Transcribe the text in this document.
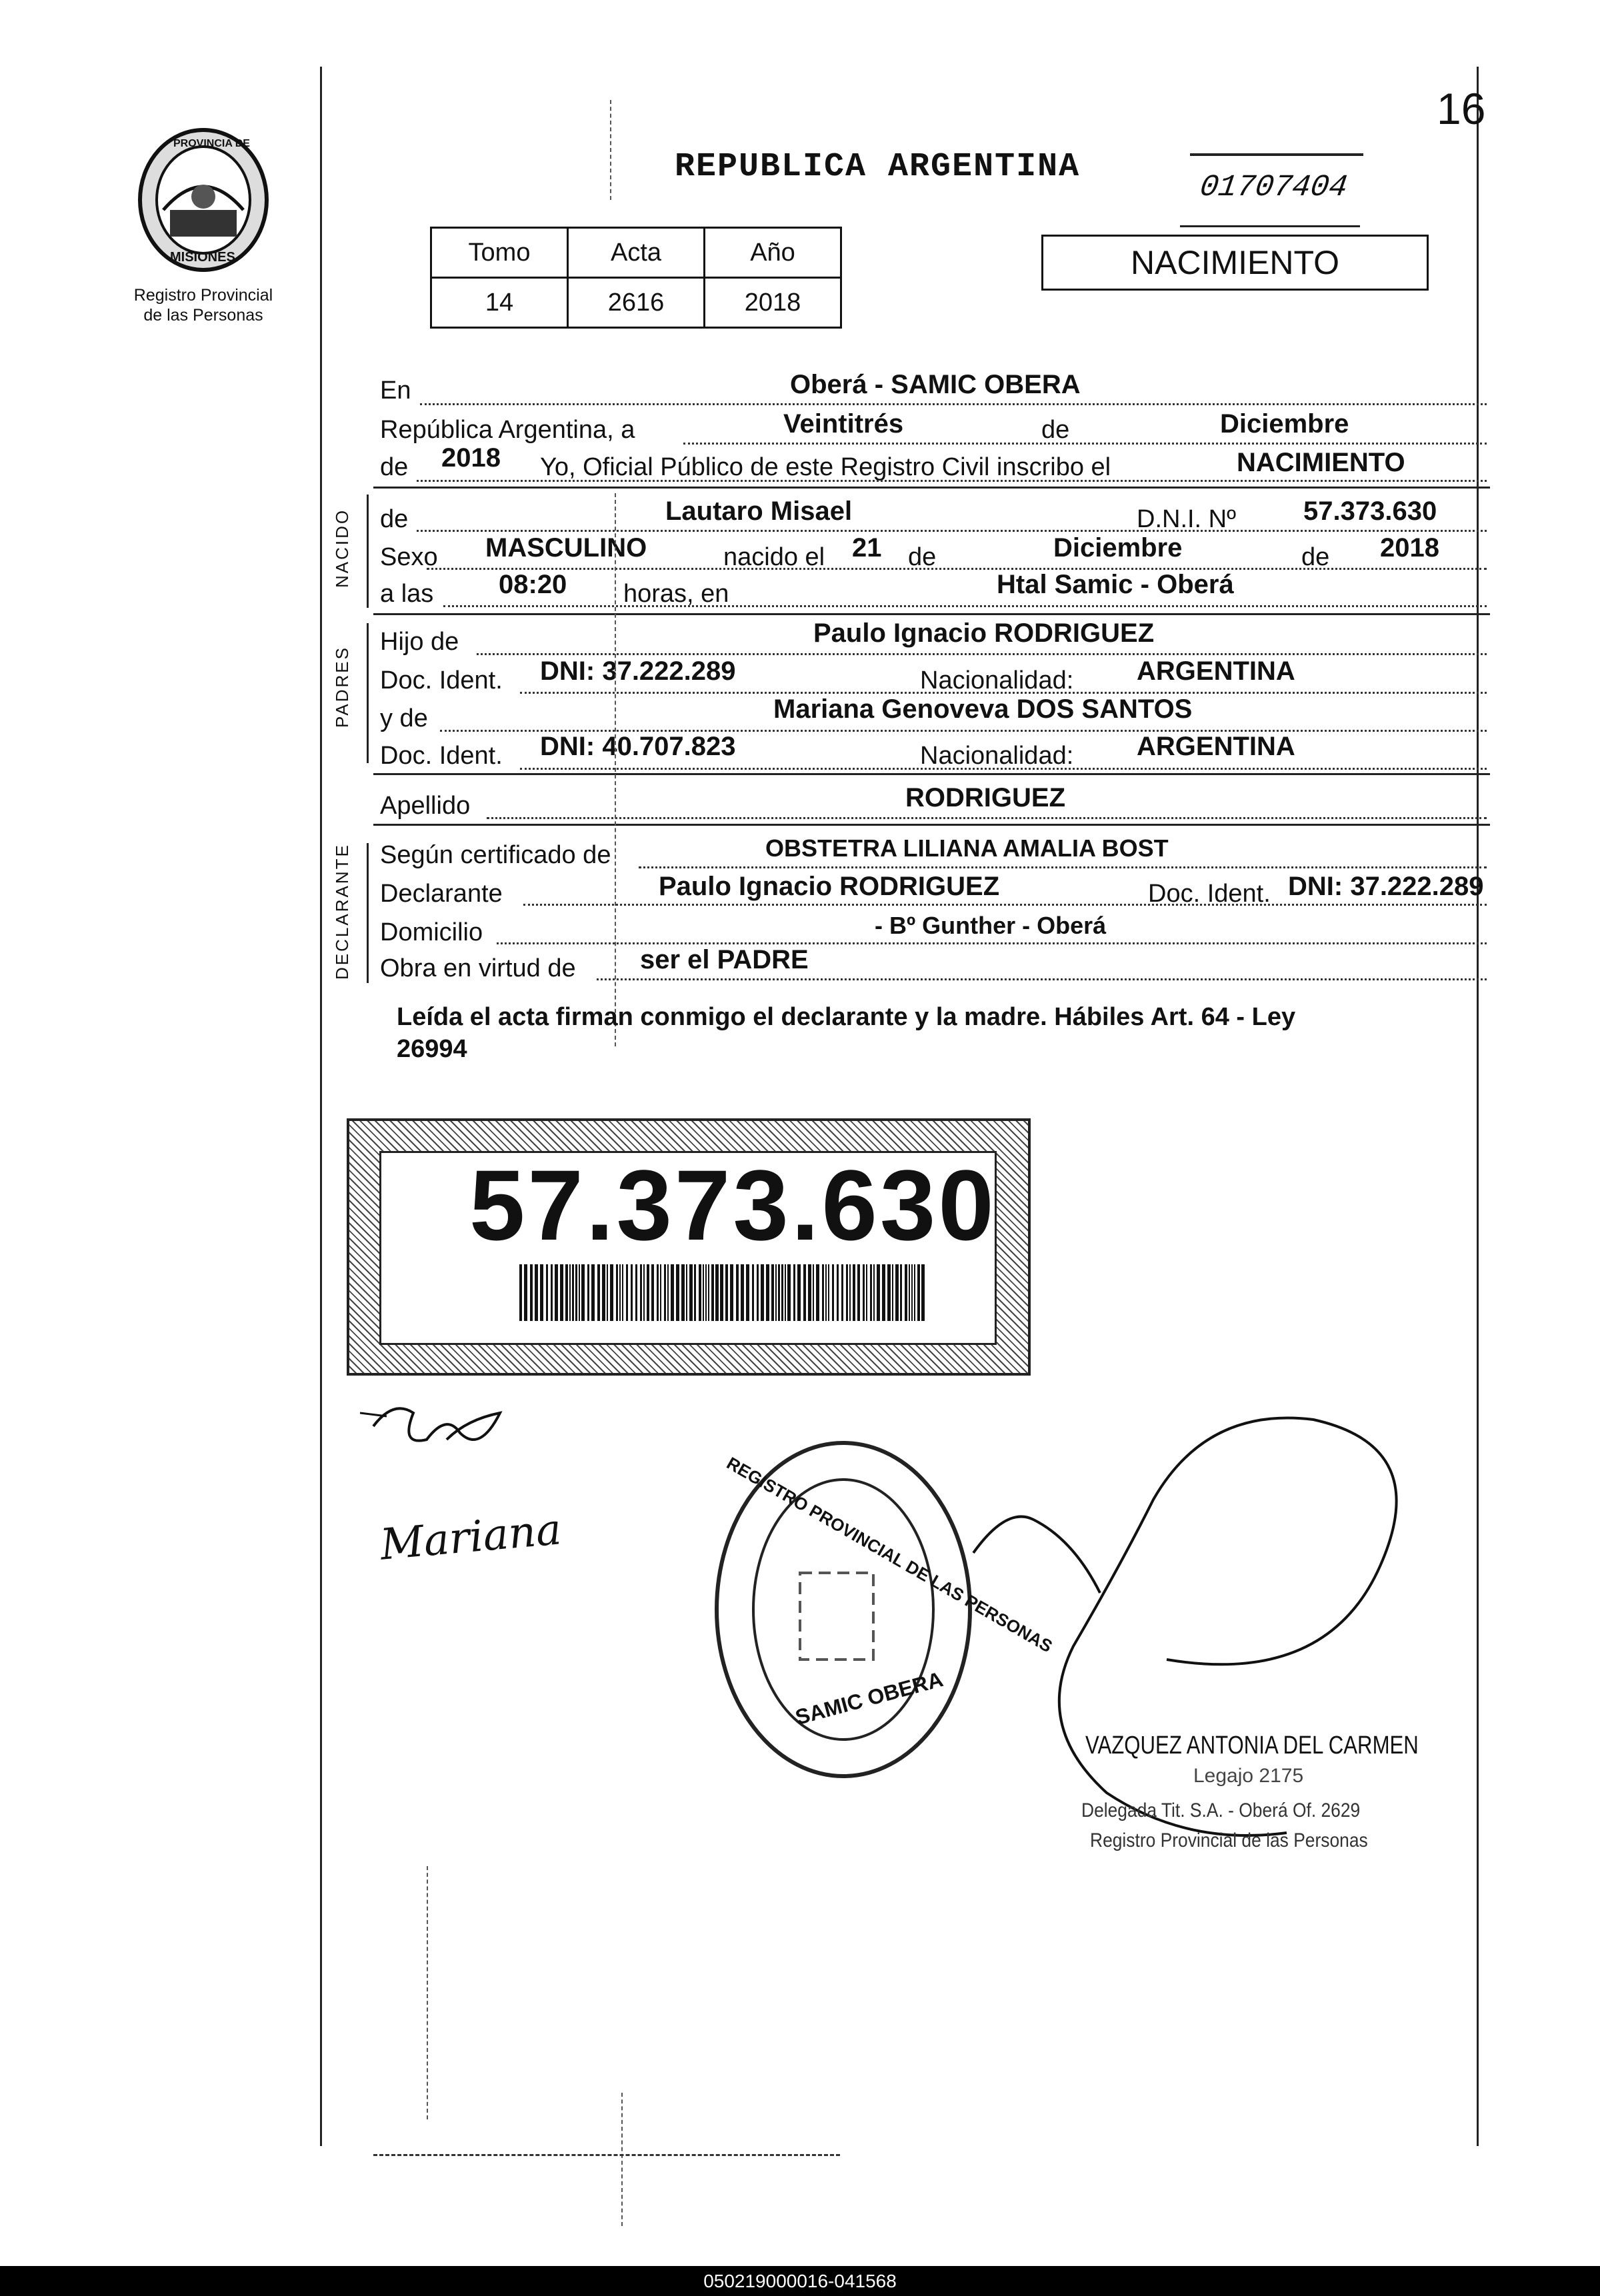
PROVINCIA DE
MISIONES
Registro Provincial
de las Personas
REPUBLICA ARGENTINA
16
01707404
Tomo	Acta	Año
14	2616	2018
NACIMIENTO
En	Oberá - SAMIC OBERA
República Argentina, a	Veintitrés	de	Diciembre
de 2018 Yo, Oficial Público de este Registro Civil inscribo el	NACIMIENTO
NACIDO de	Lautaro Misael	D.N.I. Nº	57.373.630
Sexo MASCULINO	nacido el 21 de	Diciembre	de 2018
a las 08:20 horas, en	Htal Samic - Oberá
PADRES
Hijo de	Paulo Ignacio RODRIGUEZ
Doc. Ident. DNI: 37.222.289	Nacionalidad: ARGENTINA
y de	Mariana Genoveva DOS SANTOS
Doc. Ident. DNI: 40.707.823	Nacionalidad: ARGENTINA
Apellido	RODRIGUEZ
DECLARANTE Según certificado de	OBSTETRA LILIANA AMALIA BOST
Declarante	Paulo Ignacio RODRIGUEZ	Doc. Ident. DNI: 37.222.289
Domicilio	- Bº Gunther - Oberá
Obra en virtud de ser el PADRE
Leída el acta firman conmigo el declarante y la madre. Hábiles Art. 64 - Ley
26994
57.373.630
Mariana	REGISTRO PROVINCIAL DE LAS PERSONAS
SAMIC OBERA
VAZQUEZ ANTONIA DEL CARMEN
Legajo 2175
Delegada Tit. S.A. - Oberá Of. 2629
Registro Provincial de las Personas
050219000016-041568
